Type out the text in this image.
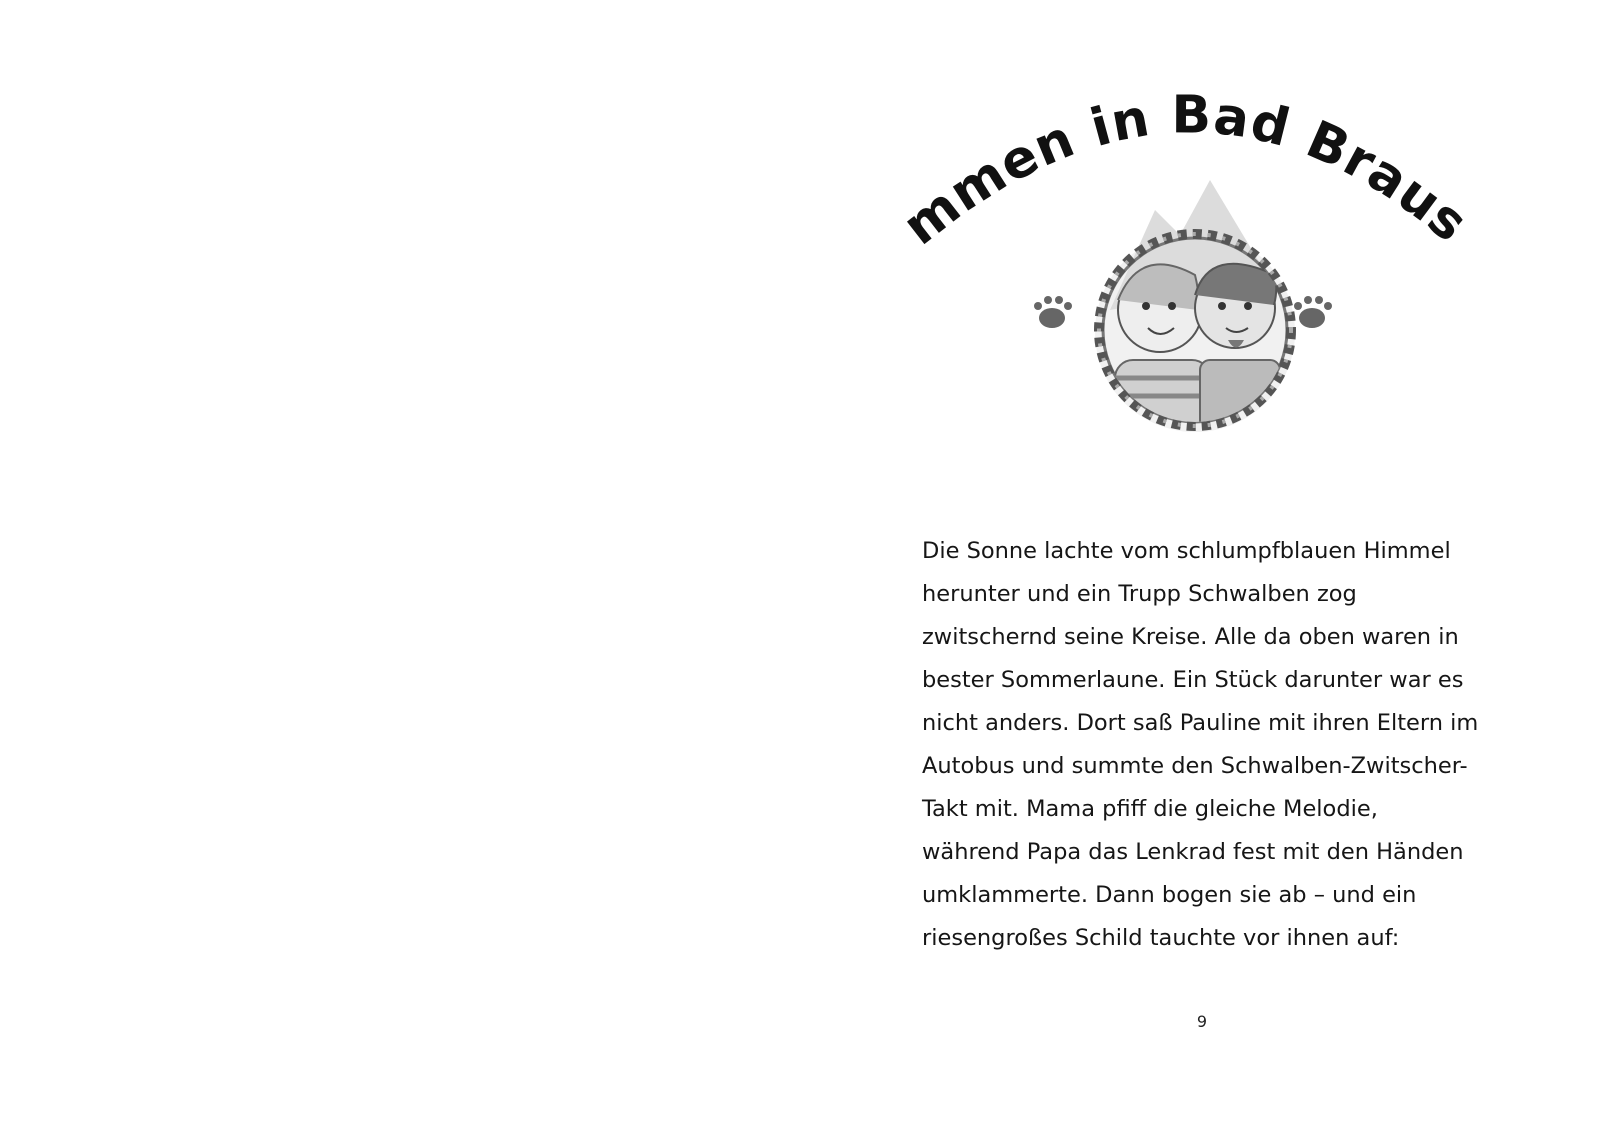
Willkommen in Bad Brausewind!
Die Sonne lachte vom schlumpfblauen Himmel
herunter und ein Trupp Schwalben zog
zwitschernd seine Kreise. Alle da oben waren in
bester Sommerlaune. Ein Stück darunter war es
nicht anders. Dort saß Pauline mit ihren Eltern im
Autobus und summte den Schwalben-Zwitscher-
Takt mit. Mama pfiff die gleiche Melodie,
während Papa das Lenkrad fest mit den Händen
umklammerte. Dann bogen sie ab – und ein
riesengroßes Schild tauchte vor ihnen auf:
9
